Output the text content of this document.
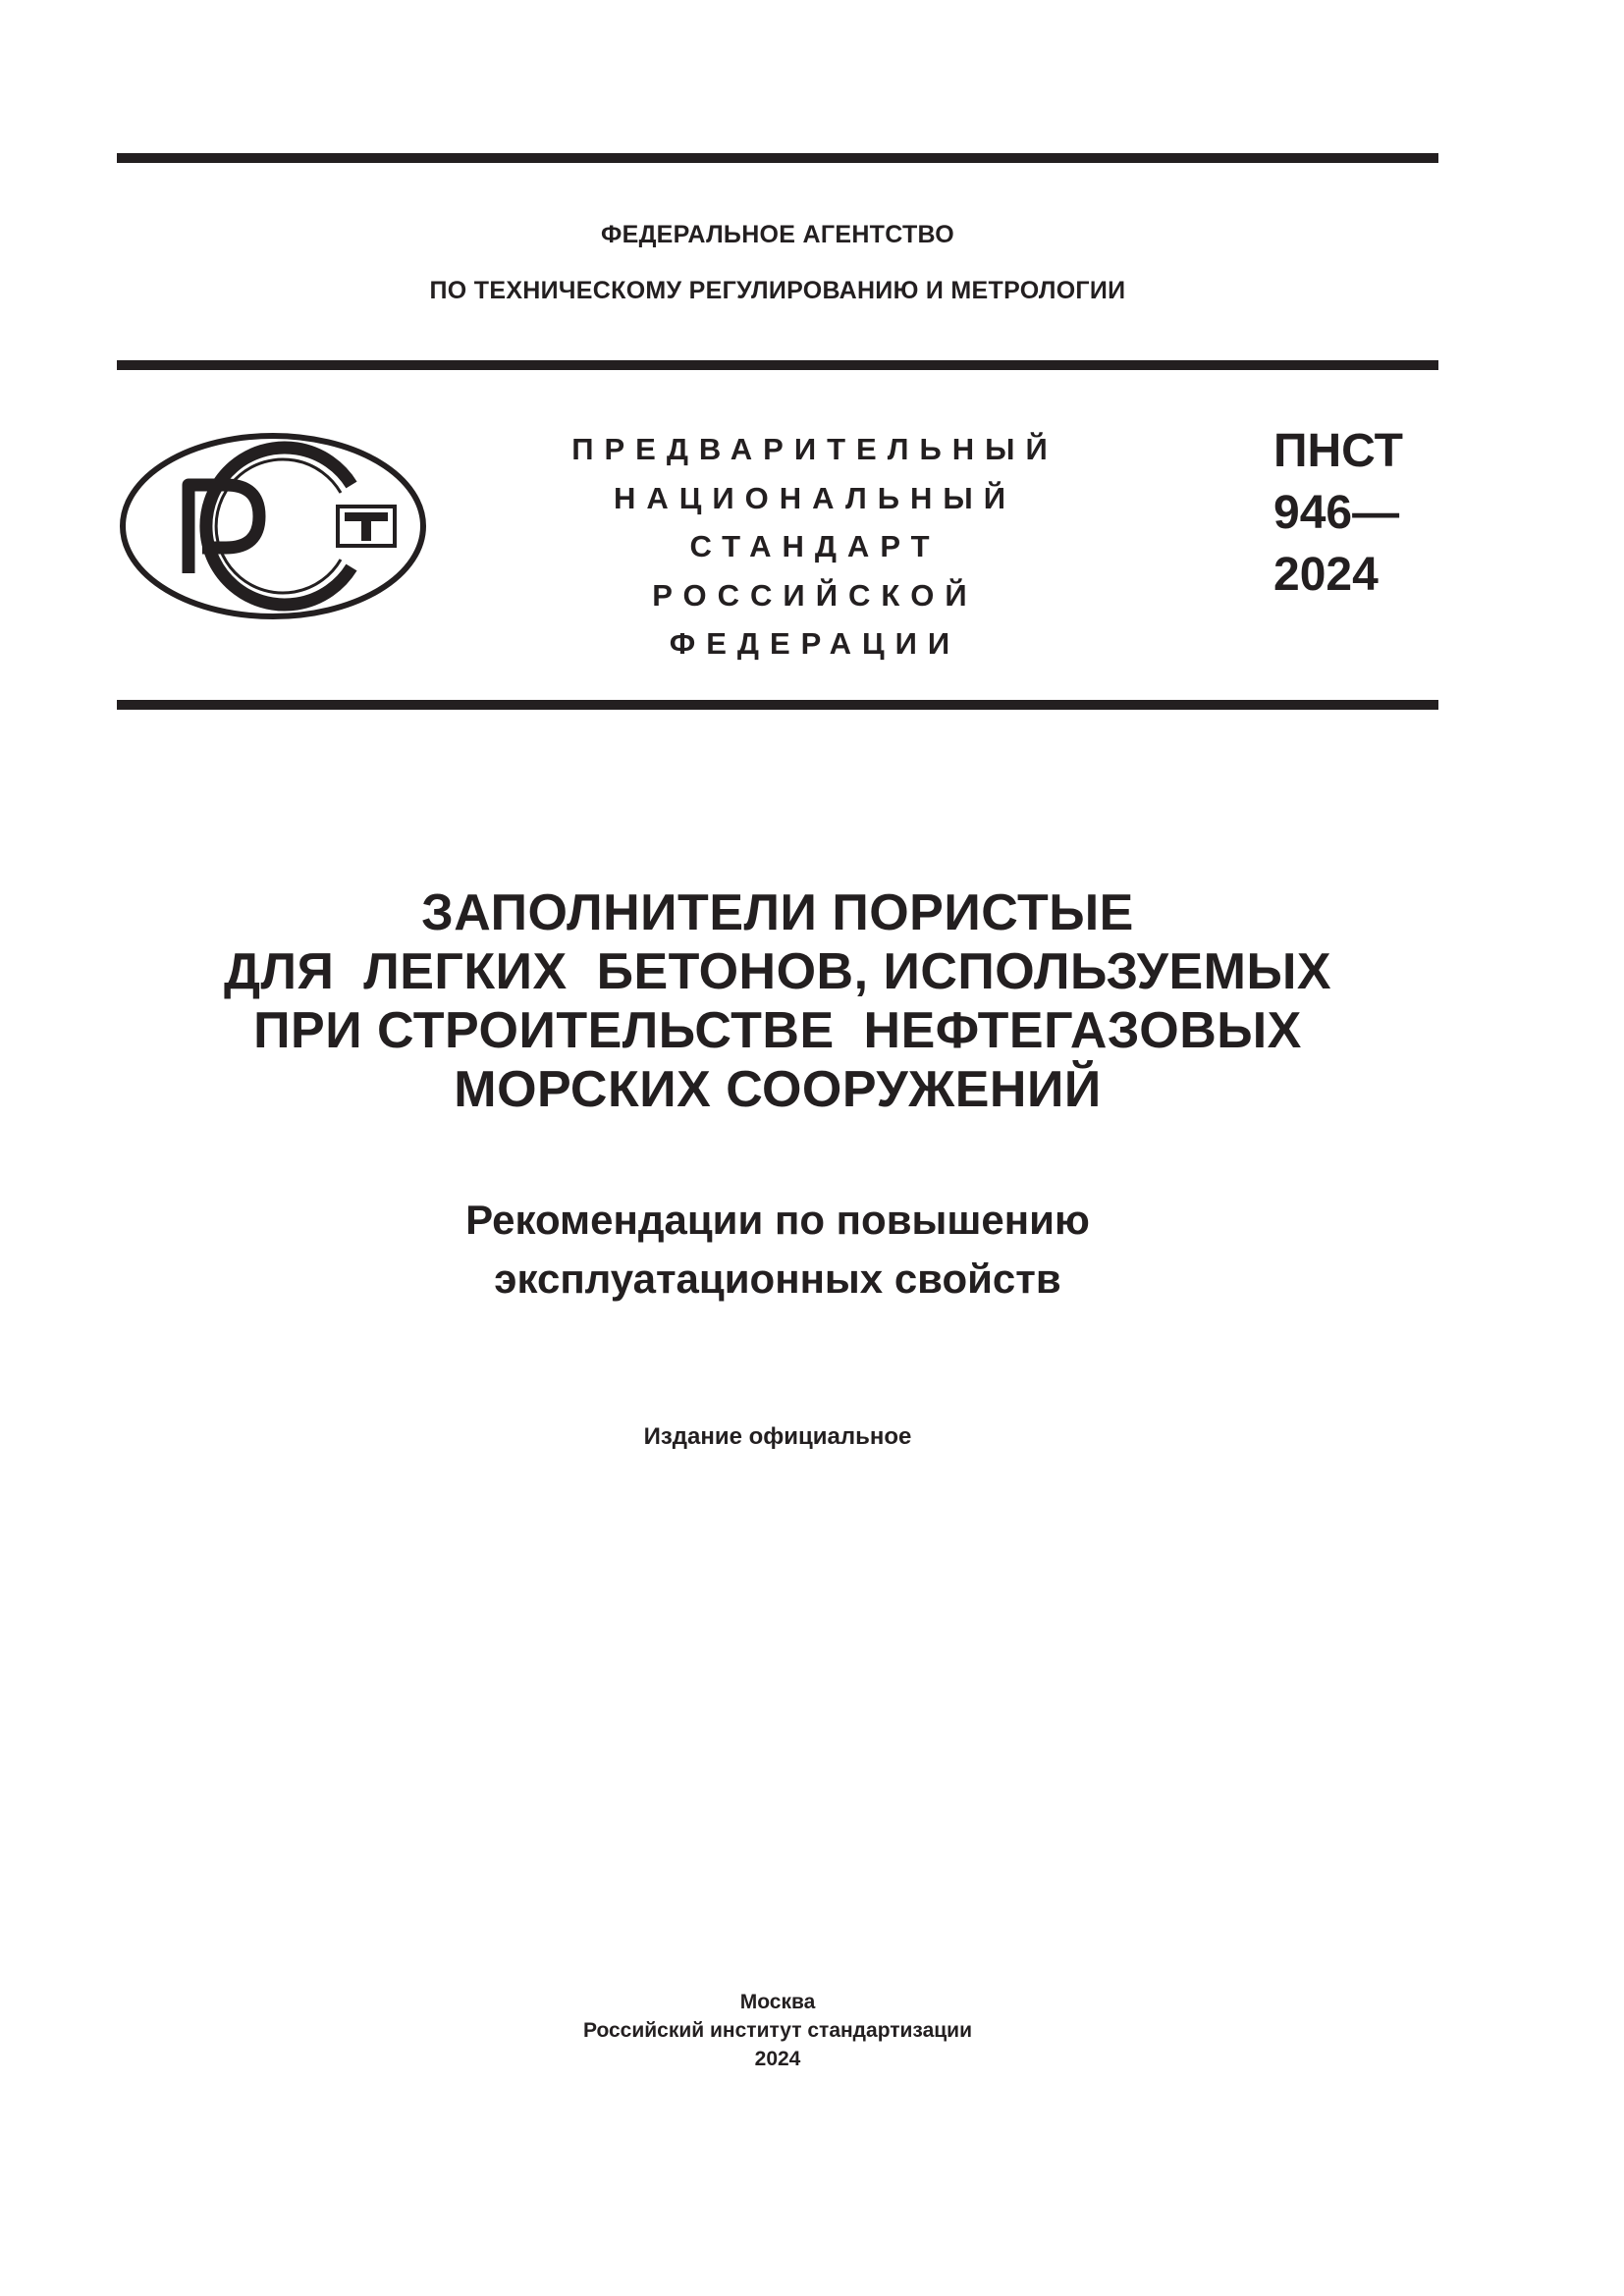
ФЕДЕРАЛЬНОЕ АГЕНТСТВО
ПО ТЕХНИЧЕСКОМУ РЕГУЛИРОВАНИЮ И МЕТРОЛОГИИ
ПРЕДВАРИТЕЛЬНЫЙ
НАЦИОНАЛЬНЫЙ
СТАНДАРТ
РОССИЙСКОЙ
ФЕДЕРАЦИИ
ПНСТ
946—
2024
ЗАПОЛНИТЕЛИ ПОРИСТЫЕ
ДЛЯ  ЛЕГКИХ  БЕТОНОВ, ИСПОЛЬЗУЕМЫХ
ПРИ СТРОИТЕЛЬСТВЕ  НЕФТЕГАЗОВЫХ
МОРСКИХ СООРУЖЕНИЙ
Рекомендации по повышению
эксплуатационных свойств
Издание официальное
Москва
Российский институт стандартизации
2024
